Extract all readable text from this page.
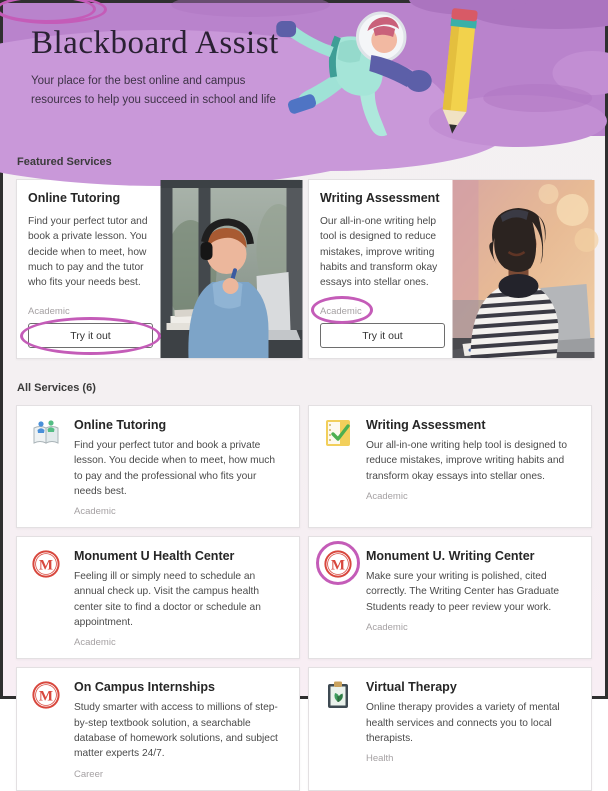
Blackboard Assist
Your place for the best online and campus resources to help you succeed in school and life
Featured Services
Online Tutoring
Find your perfect tutor and book a private lesson. You decide when to meet, how much to pay and the tutor who fits your needs best.
Academic
Try it out
Writing Assessment
Our all-in-one writing help tool is designed to reduce mistakes, improve writing habits and transform okay essays into stellar ones.
Academic
Try it out
All Services (6)
Online Tutoring
Find your perfect tutor and book a private lesson. You decide when to meet, how much to pay and the professional who fits your needs best.
Academic
Writing Assessment
Our all-in-one writing help tool is designed to reduce mistakes, improve writing habits and transform okay essays into stellar ones.
Academic
M
Monument U Health Center
Feeling ill or simply need to schedule an annual check up. Visit the campus health center site to find a doctor or schedule an appointment.
Academic
M
Monument U. Writing Center
Make sure your writing is polished, cited correctly. The Writing Center has Graduate Students ready to peer review your work.
Academic
M
On Campus Internships
Study smarter with access to millions of step-by-step textbook solution, a searchable database of homework solutions, and subject matter experts 24/7.
Career
Virtual Therapy
Online therapy provides a variety of mental health services and connects you to local therapists.
Health
